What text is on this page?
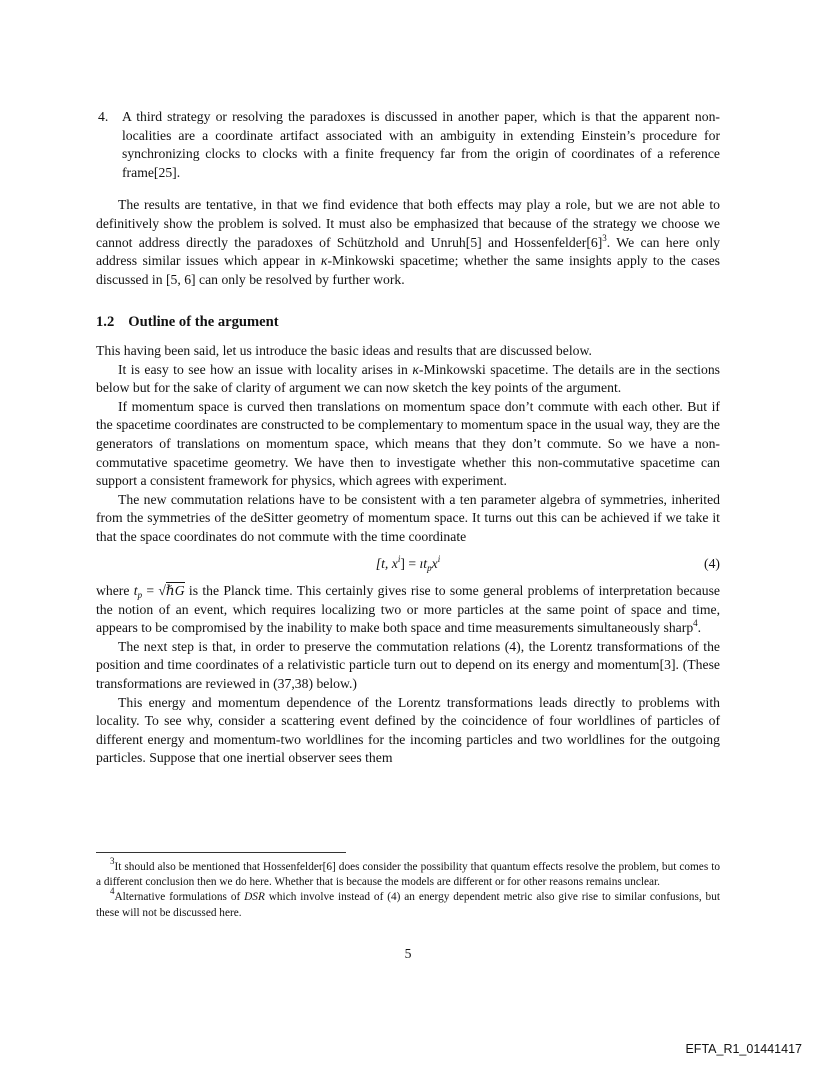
4.	A third strategy or resolving the paradoxes is discussed in another paper, which is that the apparent non-localities are a coordinate artifact associated with an ambiguity in extending Einstein’s procedure for synchronizing clocks to clocks with a finite frequency far from the origin of coordinates of a reference frame[25].

The results are tentative, in that we find evidence that both effects may play a role, but we are not able to definitively show the problem is solved. It must also be emphasized that because of the strategy we choose we cannot address directly the paradoxes of Schützhold and Unruh[5] and $Hossenfelder[6]^3$. We can here only address similar issues which appear in κ-Minkowski spacetime; whether the same insights apply to the cases discussed in [5, 6] can only be resolved by further work.

1.2 Outline of the argument

This having been said, let us introduce the basic ideas and results that are discussed below.

It is easy to see how an issue with locality arises in κ-Minkowski spacetime. The details are in the sections below but for the sake of clarity of argument we can now sketch the key points of the argument.

If momentum space is curved then translations on momentum space don’t commute with each other. But if the spacetime coordinates are constructed to be complementary to momentum space in the usual way, they are the generators of translations on momentum space, which means that they don’t commute. So we have a non-commutative spacetime geometry. We have then to investigate whether this non-commutative spacetime can support a consistent framework for physics, which agrees with experiment.

The new commutation relations have to be consistent with a ten parameter algebra of symmetries, inherited from the symmetries of the deSitter geometry of momentum space. It turns out this can be achieved if we take it that the space coordinates do not commute with the time coordinate

[t, $x^i$] = $ıt_px^i$	(4)

where $t_p$ = √ℏG is the Planck time. This certainly gives rise to some general problems of interpretation because the notion of an event, which requires localizing two or more particles at the same point of space and time, appears to be compromised by the inability to make both space and time measurements simultaneously sharp$^4$.

The next step is that, in order to preserve the commutation relations (4), the Lorentz transformations of the position and time coordinates of a relativistic particle turn out to depend on its energy and momentum[3]. (These transformations are reviewed in (37,38) below.)

This energy and momentum dependence of the Lorentz transformations leads directly to problems with locality. To see why, consider a scattering event defined by the coincidence of four worldlines of particles of different energy and momentum-two worldlines for the incoming particles and two worldlines for the outgoing particles. Suppose that one inertial observer sees them

$^3$It should also be mentioned that Hossenfelder[6] does consider the possibility that quantum effects resolve the problem, but comes to a different conclusion then we do here. Whether that is because the models are different or for other reasons remains unclear.

$^4$Alternative formulations of DSR which involve instead of (4) an energy dependent metric also give rise to similar confusions, but these will not be discussed here.

5
EFTA_R1_01441417
